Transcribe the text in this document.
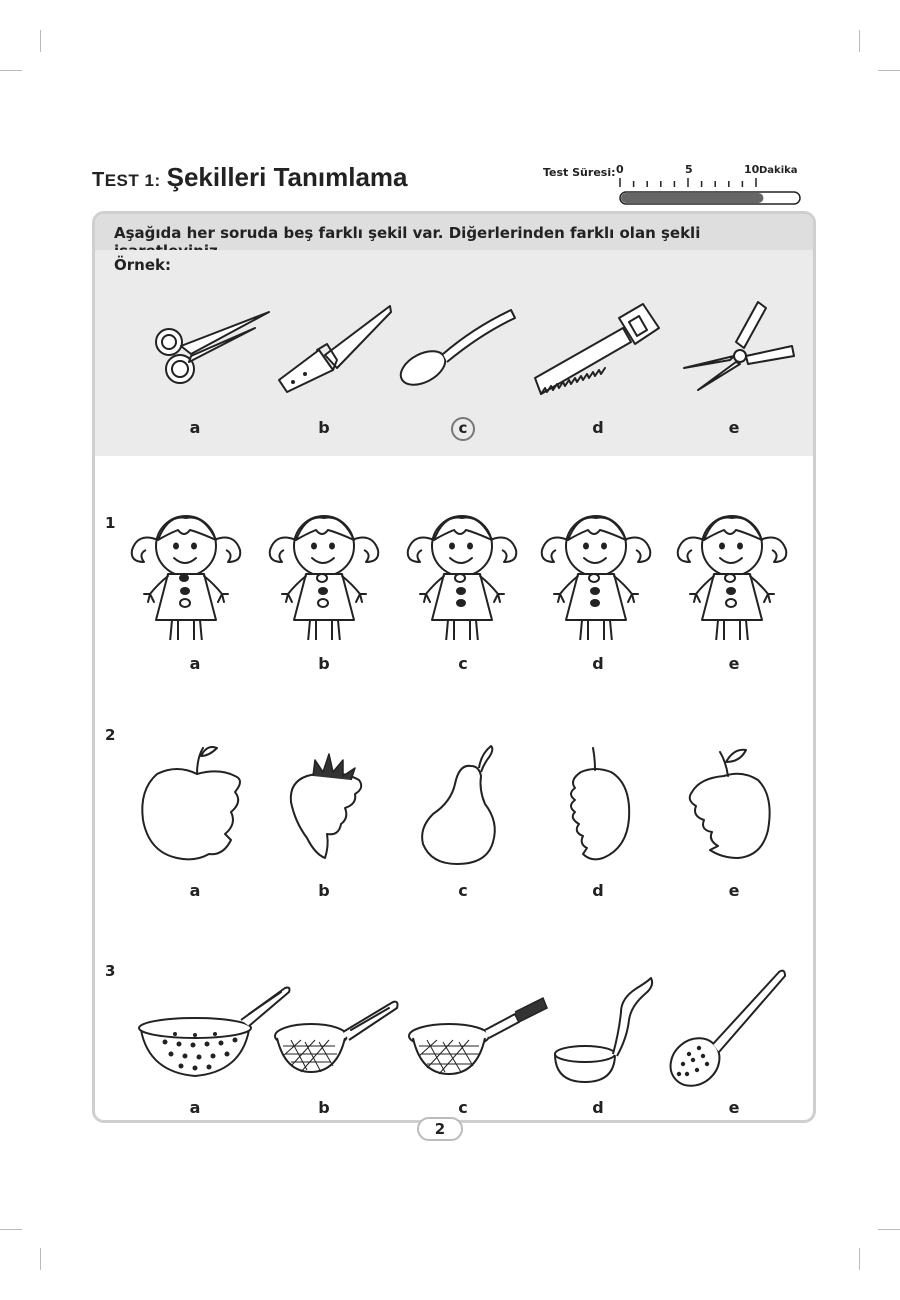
TEST 1: Şekilleri Tanımlama	Test Süresi: 0	5	10 Dakika
Aşağıda her soruda beş farklı şekil var. Diğerlerinden farklı olan şekli
Örnek:
a	b	c	d	e
1
a	b	c	d	e
2
a	b	c	d	e
3
a	b	c	d	e
2
